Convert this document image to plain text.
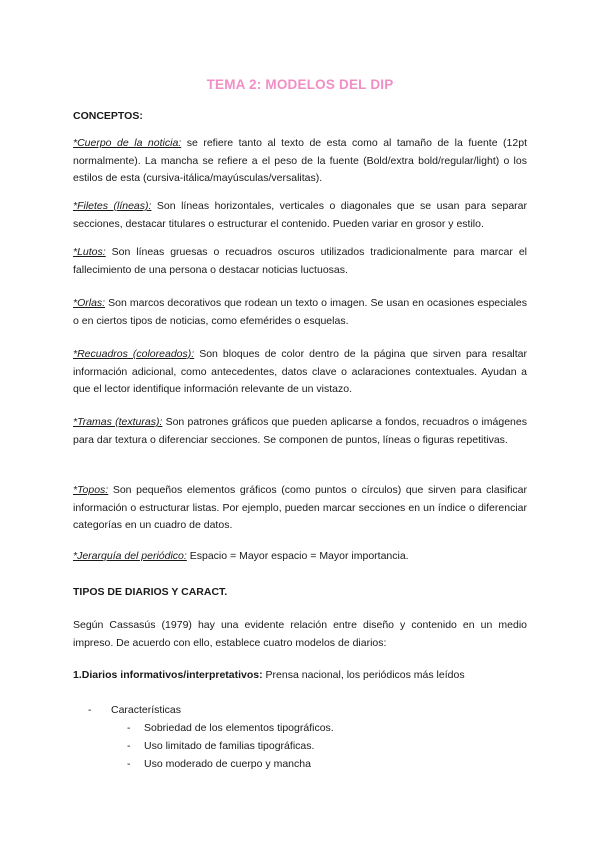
TEMA 2: MODELOS DEL DIP
CONCEPTOS:
*Cuerpo de la noticia: se refiere tanto al texto de esta como al tamaño de la fuente (12pt normalmente). La mancha se refiere a el peso de la fuente (Bold/extra bold/regular/light) o los estilos de esta (cursiva-itálica/mayúsculas/versalitas).
*Filetes (líneas): Son líneas horizontales, verticales o diagonales que se usan para separar secciones, destacar titulares o estructurar el contenido. Pueden variar en grosor y estilo.
*Lutos: Son líneas gruesas o recuadros oscuros utilizados tradicionalmente para marcar el fallecimiento de una persona o destacar noticias luctuosas.
*Orlas: Son marcos decorativos que rodean un texto o imagen. Se usan en ocasiones especiales o en ciertos tipos de noticias, como efemérides o esquelas.
*Recuadros (coloreados): Son bloques de color dentro de la página que sirven para resaltar información adicional, como antecedentes, datos clave o aclaraciones contextuales. Ayudan a que el lector identifique información relevante de un vistazo.
*Tramas (texturas): Son patrones gráficos que pueden aplicarse a fondos, recuadros o imágenes para dar textura o diferenciar secciones. Se componen de puntos, líneas o figuras repetitivas.
*Topos: Son pequeños elementos gráficos (como puntos o círculos) que sirven para clasificar información o estructurar listas. Por ejemplo, pueden marcar secciones en un índice o diferenciar categorías en un cuadro de datos.
*Jerarquía del periódico: Espacio = Mayor espacio = Mayor importancia.
TIPOS DE DIARIOS Y CARACT.
Según Cassasús (1979) hay una evidente relación entre diseño y contenido en un medio impreso. De acuerdo con ello, establece cuatro modelos de diarios:
1.Diarios informativos/interpretativos: Prensa nacional, los periódicos más leídos
- Características
- Sobriedad de los elementos tipográficos.
- Uso limitado de familias tipográficas.
- Uso moderado de cuerpo y mancha
